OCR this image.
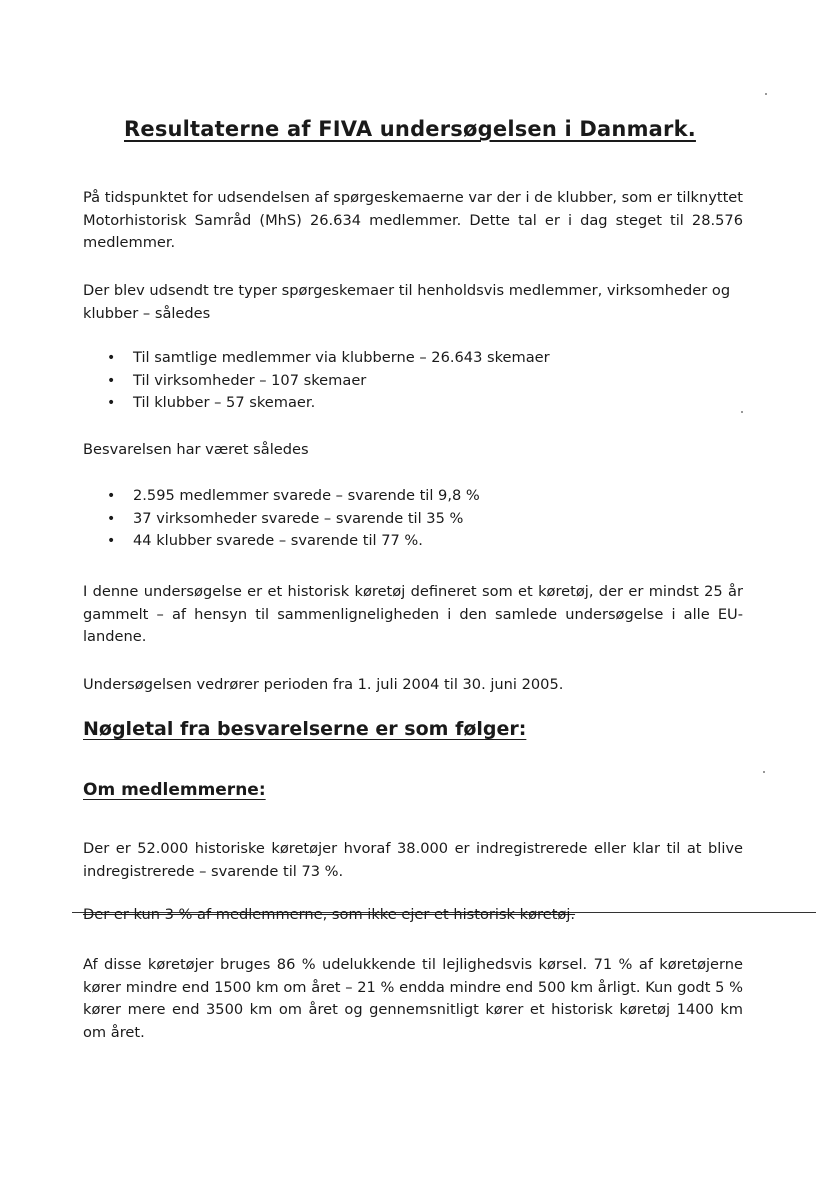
Resultaterne af FIVA undersøgelsen i Danmark.

På tidspunktet for udsendelsen af spørgeskemaerne var der i de klubber, som er tilknyttet Motorhistorisk Samråd (MhS) 26.634 medlemmer. Dette tal er i dag steget til 28.576 medlemmer.

Der blev udsendt tre typer spørgeskemaer til henholdsvis medlemmer, virksomheder og klubber – således

• Til samtlige medlemmer via klubberne – 26.643 skemaer
• Til virksomheder – 107 skemaer
• Til klubber – 57 skemaer.

Besvarelsen har været således

• 2.595 medlemmer svarede – svarende til 9,8 %
• 37 virksomheder svarede – svarende til 35 %
• 44 klubber svarede – svarende til 77 %.

I denne undersøgelse er et historisk køretøj defineret som et køretøj, der er mindst 25 år gammelt – af hensyn til sammenligneligheden i den samlede undersøgelse i alle EU-landene.

Undersøgelsen vedrører perioden fra 1. juli 2004 til 30. juni 2005.

Nøgletal fra besvarelserne er som følger:
Om medlemmerne:

Der er 52.000 historiske køretøjer hvoraf 38.000 er indregistrerede eller klar til at blive indregistrerede – svarende til 73 %.

Der er kun 3 % af medlemmerne, som ikke ejer et historisk køretøj.

Af disse køretøjer bruges 86 % udelukkende til lejlighedsvis kørsel. 71 % af køretøjerne kører mindre end 1500 km om året – 21 % endda mindre end 500 km årligt. Kun godt 5 % kører mere end 3500 km om året og gennemsnitligt kører et historisk køretøj 1400 km om året.
